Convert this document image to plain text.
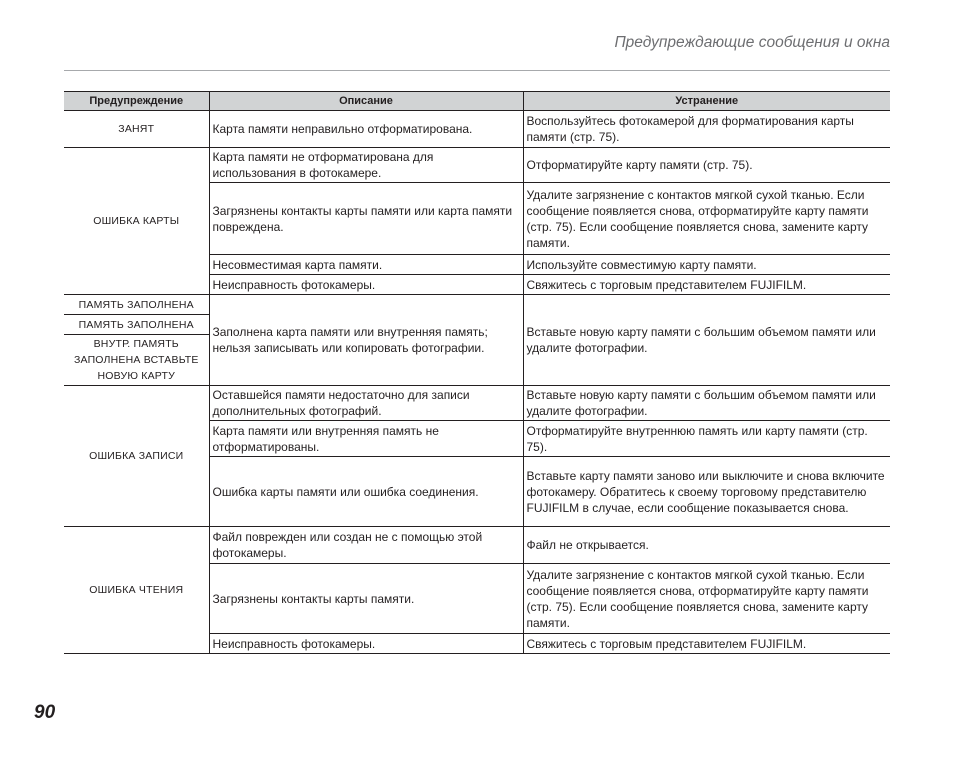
Предупреждающие сообщения и окна
Предупреждение	Описание	Устранение
ЗАНЯТ	Карта памяти неправильно отформатирована.	Воспользуйтесь фотокамерой для форматирования карты памяти (стр. 75).
ОШИБКА КАРТЫ	Карта памяти не отформатирована для использования в фотокамере.	Отформатируйте карту памяти (стр. 75).
	Загрязнены контакты карты памяти или карта памяти повреждена.	Удалите загрязнение с контактов мягкой сухой тканью. Если сообщение появляется снова, отформатируйте карту памяти (стр. 75). Если сообщение появляется снова, замените карту памяти.
	Несовместимая карта памяти.	Используйте совместимую карту памяти.
	Неисправность фотокамеры.	Свяжитесь с торговым представителем FUJIFILM.
ПАМЯТЬ ЗАПОЛНЕНА	Заполнена карта памяти или внутренняя память; нельзя записывать или копировать фотографии.	Вставьте новую карту памяти с большим объемом памяти или удалите фотографии.
ПАМЯТЬ ЗАПОЛНЕНА		
ВНУТР. ПАМЯТЬ ЗАПОЛНЕНА ВСТАВЬТЕ НОВУЮ КАРТУ		
ОШИБКА ЗАПИСИ	Оставшейся памяти недостаточно для записи дополнительных фотографий.	Вставьте новую карту памяти с большим объемом памяти или удалите фотографии.
	Карта памяти или внутренняя память не отформатированы.	Отформатируйте внутреннюю память или карту памяти (стр. 75).
	Ошибка карты памяти или ошибка соединения.	Вставьте карту памяти заново или выключите и снова включите фотокамеру. Обратитесь к своему торговому представителю FUJIFILM в случае, если сообщение показывается снова.
ОШИБКА ЧТЕНИЯ	Файл поврежден или создан не с помощью этой фотокамеры.	Файл не открывается.
	Загрязнены контакты карты памяти.	Удалите загрязнение с контактов мягкой сухой тканью. Если сообщение появляется снова, отформатируйте карту памяти (стр. 75). Если сообщение появляется снова, замените карту памяти.
	Неисправность фотокамеры.	Свяжитесь с торговым представителем FUJIFILM.
90
